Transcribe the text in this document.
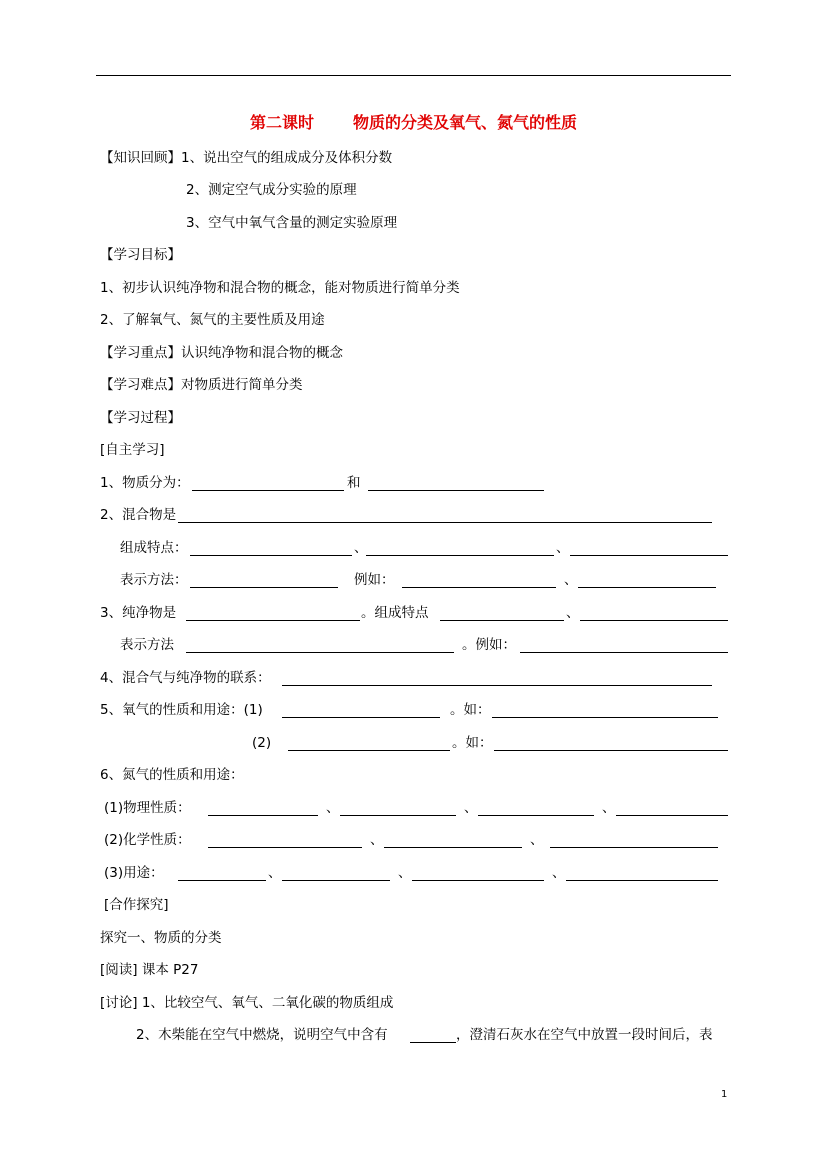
第二课时       物质的分类及氧气、氮气的性质
【知识回顾】1、说出空气的组成成分及体积分数
2、测定空气成分实验的原理
3、空气中氧气含量的测定实验原理
【学习目标】
1、初步认识纯净物和混合物的概念，能对物质进行简单分类
2、了解氧气、氮气的主要性质及用途
【学习重点】认识纯净物和混合物的概念
【学习难点】对物质进行简单分类
【学习过程】
[自主学习]
1、物质分为：	和
2、混合物是
组成特点：	、	、
表示方法：	例如：	、
3、纯净物是	。组成特点	、
表示方法	。例如：
4、混合气与纯净物的联系：
5、氧气的性质和用途：(1)	。如：
(2)	。如：
6、氮气的性质和用途：
(1)物理性质：	、	、	、
(2)化学性质：	、	、
(3)用途：	、	、	、
[合作探究]
探究一、物质的分类
[阅读] 课本 P27
[讨论] 1、比较空气、氧气、二氧化碳的物质组成
2、木柴能在空气中燃烧，说明空气中含有	，澄清石灰水在空气中放置一段时间后，表
1
